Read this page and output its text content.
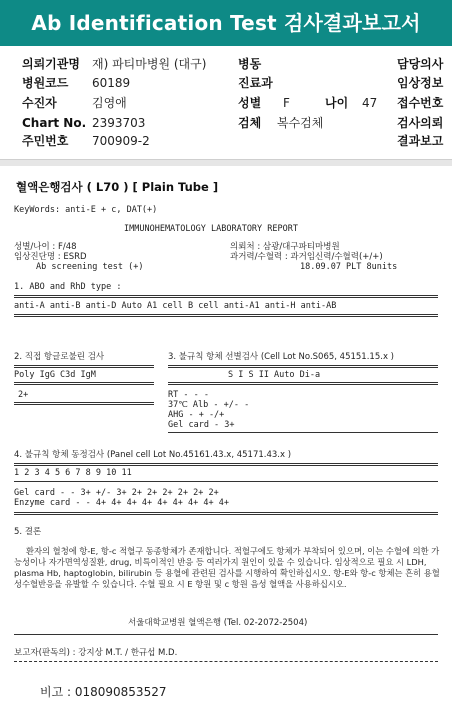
Ab Identification Test 검사결과보고서
의뢰기관명 재) 파티마병원 (대구)	병동	담당의사
병원코드 60189	진료과	임상정보
수진자	김영애	성별 F	나이 47 접수번호
Chart No. 2393703	검체 복수검체	검사의뢰
주민번호 700909-2	결과보고
혈액은행검사 ( L70 ) [ Plain Tube ]
KeyWords: anti-E + c, DAT(+)
IMMUNOHEMATOLOGY LABORATORY REPORT
성별/나이 : F/48
임상진단명 : ESRD
Ab screening test (+)
의뢰처 : 삼광/대구파티마병원
과거력/수혈력 : 과거임신력/수혈력(+/+)
18.09.07 PLT 8units
1. ABO and RhD type :
anti-A anti-B anti-D Auto A1 cell B cell anti-A1 anti-H anti-AB
2. 직접 항글로불린 검사
Poly IgG C3d IgM
2+
3. 불규칙 항체 선별검사 (Cell Lot No.S065, 45151.15.x )
S I S II Auto Di-a
RT - - -
37℃ Alb - +/- -
AHG - + -/+
Gel card - 3+
4. 불규칙 항체 동정검사 (Panel cell Lot No.45161.43.x, 45171.43.x )
1 2 3 4 5 6 7 8 9 10 11
Gel card - - 3+ +/- 3+ 2+ 2+ 2+ 2+ 2+ 2+
Enzyme card - - 4+ 4+ 4+ 4+ 4+ 4+ 4+ 4+ 4+
5. 결론
환자의 혈청에 항-E, 항-c 적혈구 동종항체가 존재합니다. 적혈구에도 항체가 부착되어 있으며, 이는 수혈에 의한 가능성이나 자가면역성질환, drug, 비특이적인 반응 등 여러가지 원인이 있을 수 있습니다. 임상적으로 필요 시 LDH, plasma Hb, haptoglobin, bilirubin 등 용혈에 관련된 검사를 시행하여 확인하십시오. 항-E와 항-c 항체는 흔히 용혈성수혈반응을 유발할 수 있습니다. 수혈 필요 시 E 항원 및 c 항원 음성 혈액을 사용하십시오.
서울대학교병원 혈액은행 (Tel. 02-2072-2504)
보고자(판독의) : 강지상 M.T. / 한규섭 M.D.
비고 : 018090853527
